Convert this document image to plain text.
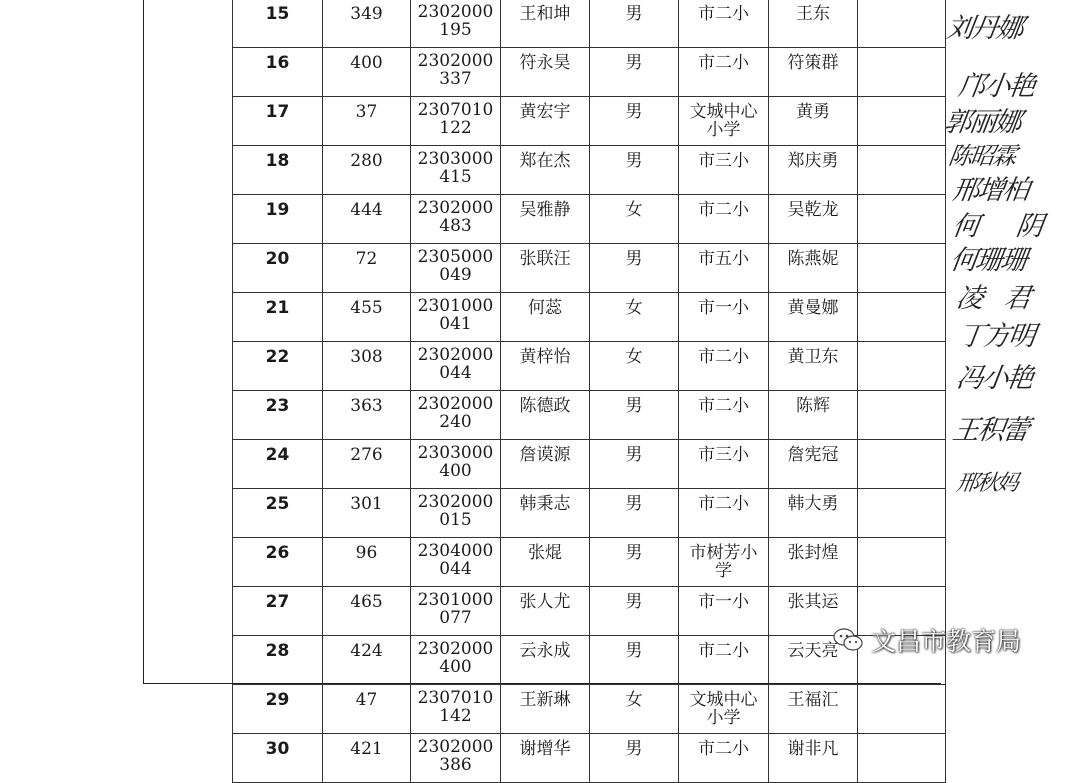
15	349	2302000195	王和坤	男	市二小	王东	
16	400	2302000337	符永昊	男	市二小	符策群	
17	37	2307010122	黄宏宇	男	文城中心小学	黄勇	
18	280	2303000415	郑在杰	男	市三小	郑庆勇	
19	444	2302000483	吴雅静	女	市二小	吴乾龙	
20	72	2305000049	张联汪	男	市五小	陈燕妮	
21	455	2301000041	何蕊	女	市一小	黄曼娜	
22	308	2302000044	黄梓怡	女	市二小	黄卫东	
23	363	2302000240	陈德政	男	市二小	陈辉	
24	276	2303000400	詹谟源	男	市三小	詹宪冠	
25	301	2302000015	韩秉志	男	市二小	韩大勇	
26	96	2304000044	张焜	男	市树芳小学	张封煌	
27	465	2301000077	张人尤	男	市一小	张其运	
28	424	2302000400	云永成	男	市二小	云天亮	
29	47	2307010142	王新琳	女	文城中心小学	王福汇	
30	421	2302000386	谢增华	男	市二小	谢非凡	
刘丹娜
邝小艳
郭丽娜
陈昭霖
邢增柏
何 阴
何珊珊
凌 君
丁方明
冯小艳
王积蕾
邢秋妈
文昌市教育局
